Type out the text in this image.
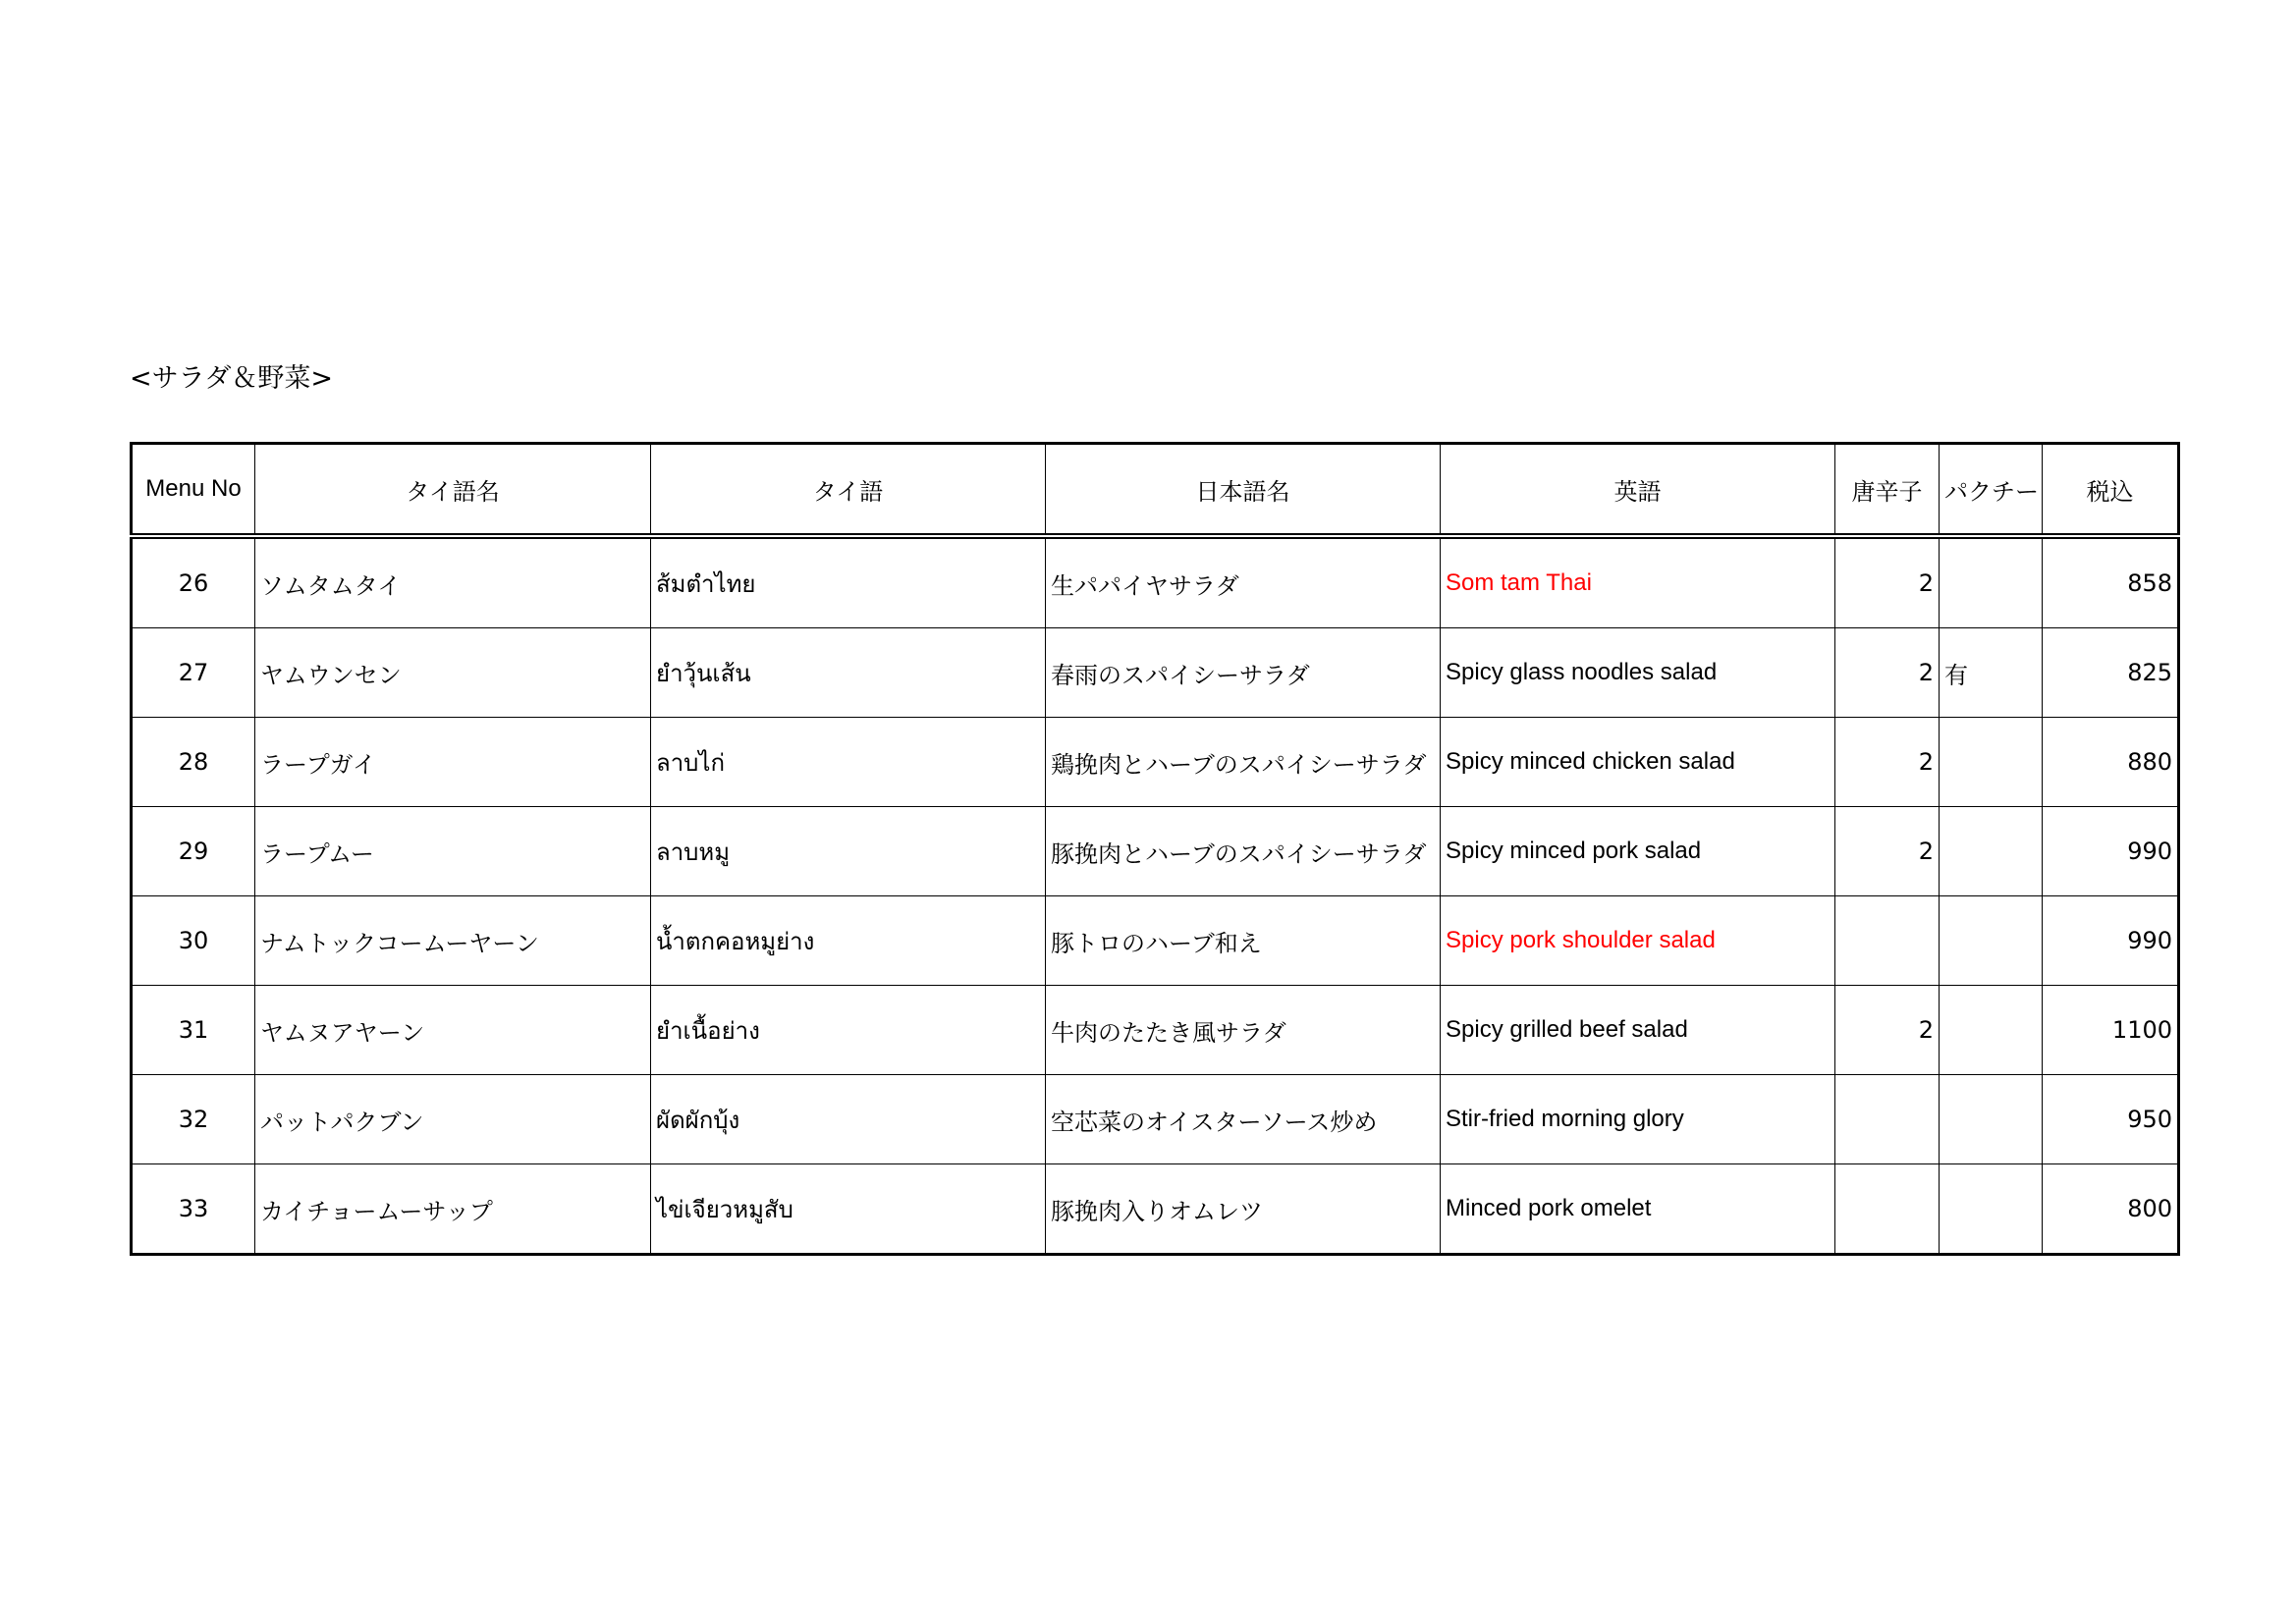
<サラダ＆野菜>
Menu No	タイ語名	タイ語	日本語名	英語	唐辛子	パクチー	税込
26	ソムタムタイ	ส้มตำไทย	生パパイヤサラダ	Som tam Thai	2		858
27	ヤムウンセン	ยำวุ้นเส้น	春雨のスパイシーサラダ	Spicy glass noodles salad	2	有	825
28	ラープガイ	ลาบไก่	鶏挽肉とハーブのスパイシーサラダ	Spicy minced chicken salad	2		880
29	ラープムー	ลาบหมู	豚挽肉とハーブのスパイシーサラダ	Spicy minced pork salad	2		990
30	ナムトックコームーヤーン	น้ำตกคอหมูย่าง	豚トロのハーブ和え	Spicy pork shoulder salad			990
31	ヤムヌアヤーン	ยำเนื้อย่าง	牛肉のたたき風サラダ	Spicy grilled beef salad	2		1100
32	パットパクブン	ผัดผักบุ้ง	空芯菜のオイスターソース炒め	Stir-fried morning glory			950
33	カイチョームーサップ	ไข่เจียวหมูสับ	豚挽肉入りオムレツ	Minced pork omelet			800
